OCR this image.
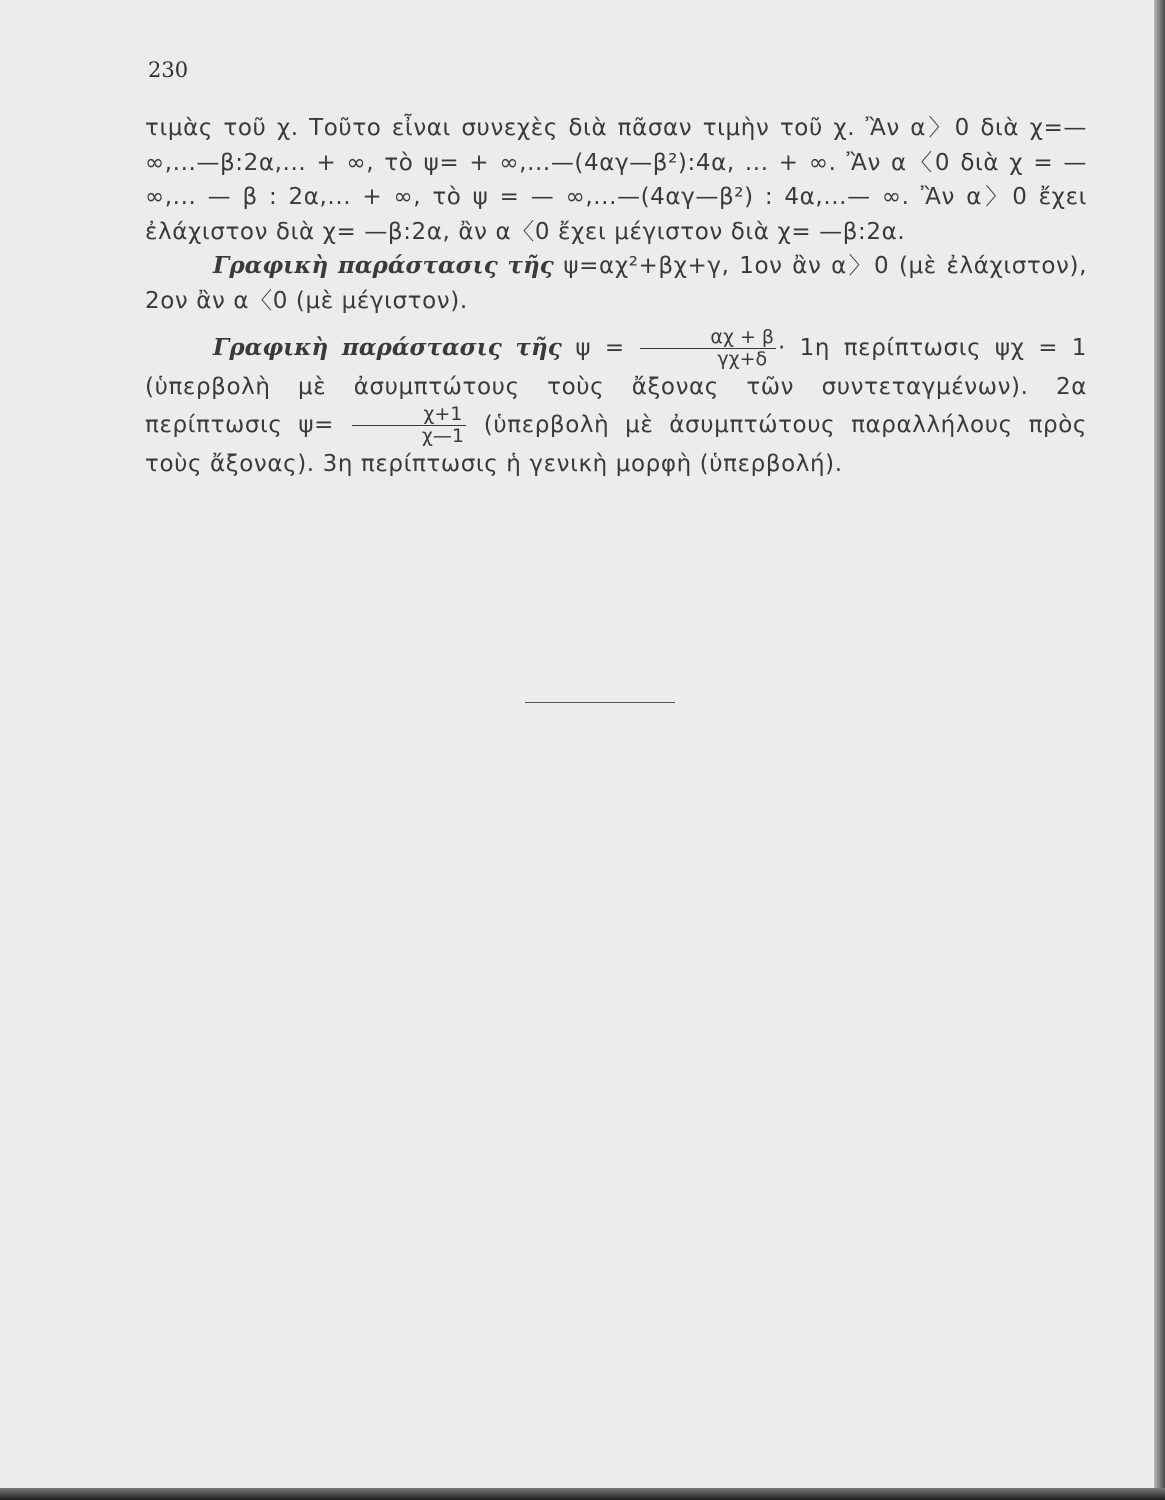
230

τιμὰς τοῦ χ. Τοῦτο εἶναι συνεχὲς διὰ πᾶσαν τιμὴν τοῦ χ. Ἂν α〉0 διὰ χ=— ∞,...—β:2α,... + ∞, τὸ ψ= + ∞,...—(4αγ—β²):4α, ... + ∞. Ἂν α〈0 διὰ χ = — ∞,... — β : 2α,... + ∞, τὸ ψ = — ∞,...—(4αγ—β²) : 4α,...— ∞. Ἂν α〉0 ἔχει ἐλάχιστον διὰ χ= —β:2α, ἂν α〈0 ἔχει μέγιστον διὰ χ= —β:2α.

Γραφικὴ παράστασις τῆς ψ=αχ²+βχ+γ, 1ον ἂν α〉0 (μὲ ἐλάχιστον), 2ον ἂν α〈0 (μὲ μέγιστον).

Γραφικὴ παράστασις τῆς $\psi = \frac{\alpha\chi + \beta}{\gamma\chi+\delta} \cdot 1\eta$ περίπτωσις ψχ = 1 (ὑπερβολὴ μὲ ἀσυμπτώτους τοὺς ἄξονας τῶν συντεταγμένων). 2α περίπτωσις $\psi= \frac{\chi+1}{\chi—1}$ (ὑπερβολὴ μὲ ἀσυμπτώτους παραλλήλους πρὸς τοὺς ἄξονας). 3η περίπτωσις ἡ γενικὴ μορφὴ (ὑπερβολή).
